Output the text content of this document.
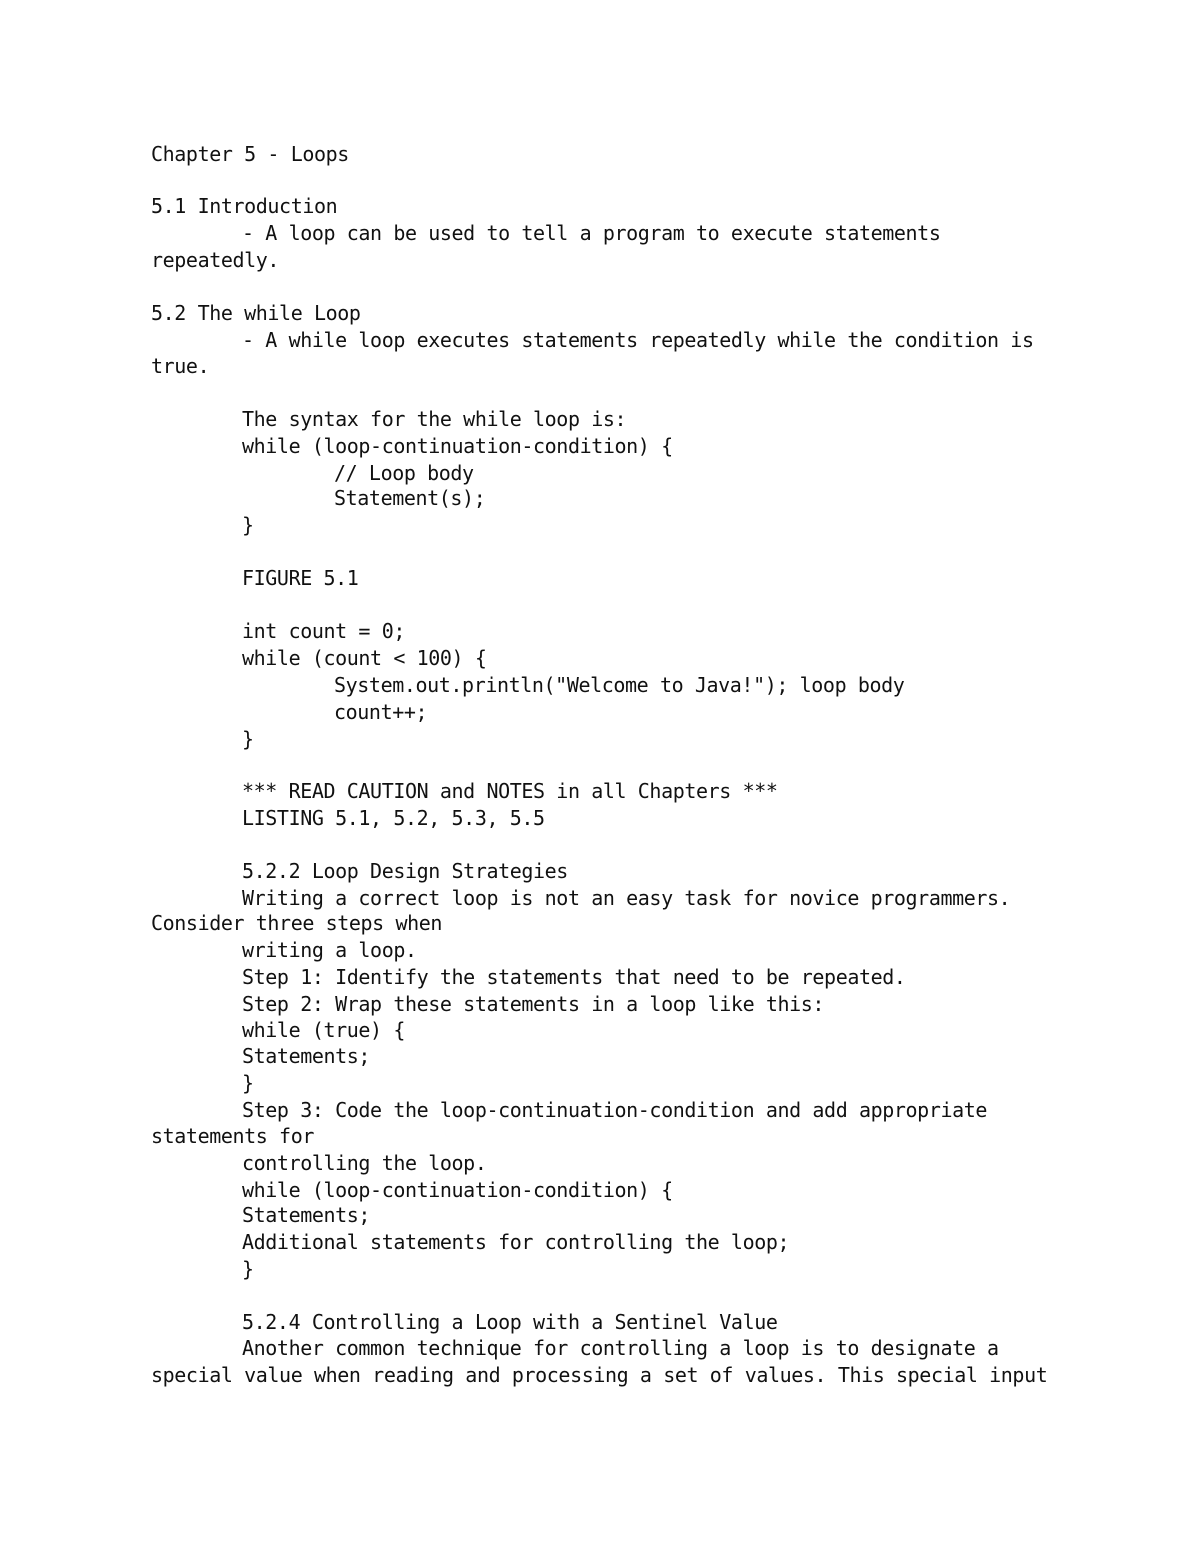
Chapter 5 - Loops
5.1 Introduction
- A loop can be used to tell a program to execute statements
repeatedly.
5.2 The while Loop
- A while loop executes statements repeatedly while the condition is
true.
The syntax for the while loop is:
while (loop-continuation-condition) {
// Loop body
Statement(s);
}
FIGURE 5.1
int count = 0;
while (count < 100) {
System.out.println("Welcome to Java!"); loop body
count++;
}
*** READ CAUTION and NOTES in all Chapters ***
LISTING 5.1, 5.2, 5.3, 5.5
5.2.2 Loop Design Strategies
Writing a correct loop is not an easy task for novice programmers.
Consider three steps when
writing a loop.
Step 1: Identify the statements that need to be repeated.
Step 2: Wrap these statements in a loop like this:
while (true) {
Statements;
}
Step 3: Code the loop-continuation-condition and add appropriate
statements for
controlling the loop.
while (loop-continuation-condition) {
Statements;
Additional statements for controlling the loop;
}
5.2.4 Controlling a Loop with a Sentinel Value
Another common technique for controlling a loop is to designate a
special value when reading and processing a set of values. This special input
